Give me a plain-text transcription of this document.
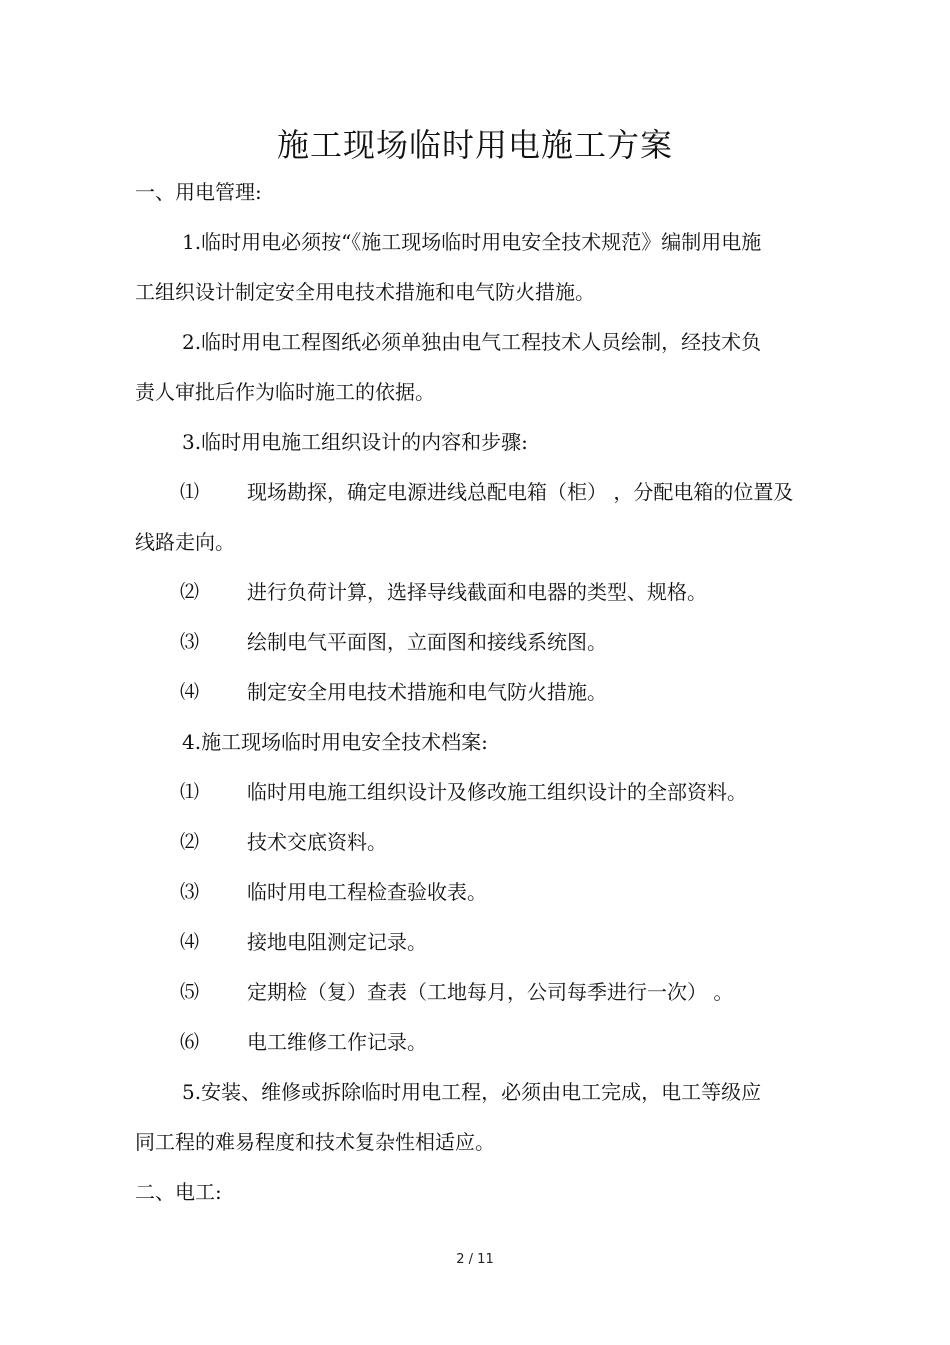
施工现场临时用电施工方案
一、用电管理:
1.临时用电必须按“《施工现场临时用电安全技术规范》编制用电施
工组织设计制定安全用电技术措施和电气防火措施。
2.临时用电工程图纸必须单独由电气工程技术人员绘制，经技术负
责人审批后作为临时施工的依据。
3.临时用电施工组织设计的内容和步骤:
⑴ 现场勘探，确定电源进线总配电箱（柜） ，分配电箱的位置及
线路走向。
⑵ 进行负荷计算，选择导线截面和电器的类型、规格。
⑶ 绘制电气平面图，立面图和接线系统图。
⑷ 制定安全用电技术措施和电气防火措施。
4.施工现场临时用电安全技术档案:
⑴ 临时用电施工组织设计及修改施工组织设计的全部资料。
⑵ 技术交底资料。
⑶ 临时用电工程检查验收表。
⑷ 接地电阻测定记录。
⑸ 定期检（复）查表（工地每月，公司每季进行一次） 。
⑹ 电工维修工作记录。
5.安装、维修或拆除临时用电工程，必须由电工完成，电工等级应
同工程的难易程度和技术复杂性相适应。
二、电工:
2 / 11
